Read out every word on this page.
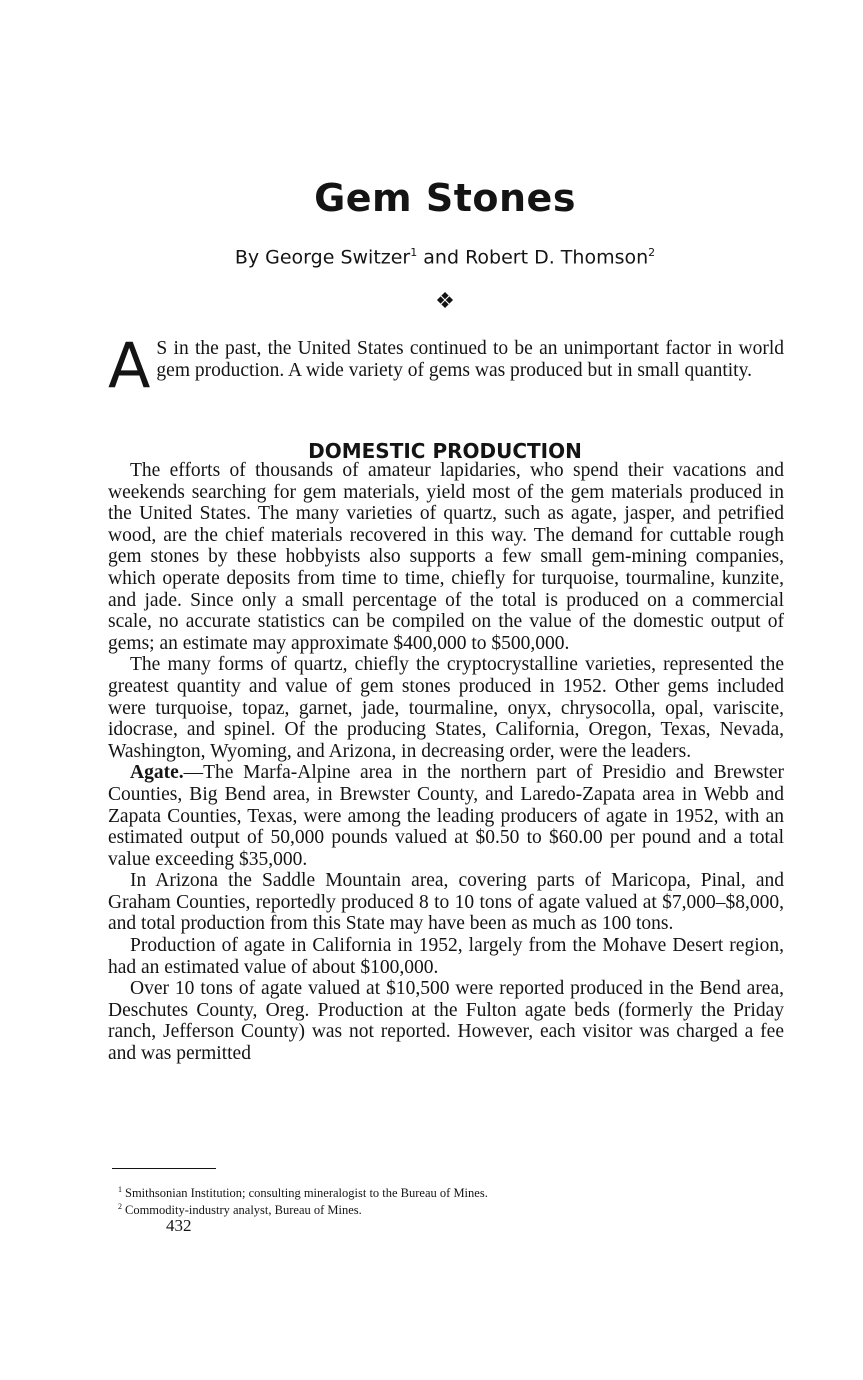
Gem Stones
By George Switzer$^1$ and Robert D. Thomson$^2$
❖
A S in the past, the United States continued to be an unimportant factor in world gem production. A wide variety of gems was produced but in small quantity.

DOMESTIC PRODUCTION

The efforts of thousands of amateur lapidaries, who spend their vacations and weekends searching for gem materials, yield most of the gem materials produced in the United States. The many varieties of quartz, such as agate, jasper, and petrified wood, are the chief materials recovered in this way. The demand for cuttable rough gem stones by these hobbyists also supports a few small gem-mining companies, which operate deposits from time to time, chiefly for turquoise, tourmaline, kunzite, and jade. Since only a small percentage of the total is produced on a commercial scale, no accurate statistics can be compiled on the value of the domestic output of gems; an estimate may approximate $400,000 to $500,000.

The many forms of quartz, chiefly the cryptocrystalline varieties, represented the greatest quantity and value of gem stones produced in 1952. Other gems included were turquoise, topaz, garnet, jade, tourmaline, onyx, chrysocolla, opal, variscite, idocrase, and spinel. Of the producing States, California, Oregon, Texas, Nevada, Washington, Wyoming, and Arizona, in decreasing order, were the leaders.

Agate.—The Marfa-Alpine area in the northern part of Presidio and Brewster Counties, Big Bend area, in Brewster County, and Laredo-Zapata area in Webb and Zapata Counties, Texas, were among the leading producers of agate in 1952, with an estimated output of 50,000 pounds valued at $0.50 to $60.00 per pound and a total value exceeding $35,000.

In Arizona the Saddle Mountain area, covering parts of Maricopa, Pinal, and Graham Counties, reportedly produced 8 to 10 tons of agate valued at $7,000–$8,000, and total production from this State may have been as much as 100 tons.

Production of agate in California in 1952, largely from the Mohave Desert region, had an estimated value of about $100,000.

Over 10 tons of agate valued at $10,500 were reported produced in the Bend area, Deschutes County, Oreg. Production at the Fulton agate beds (formerly the Priday ranch, Jefferson County) was not reported. However, each visitor was charged a fee and was permitted

$^1$ Smithsonian Institution; consulting mineralogist to the Bureau of Mines.
$^2$ Commodity-industry analyst, Bureau of Mines.
432
